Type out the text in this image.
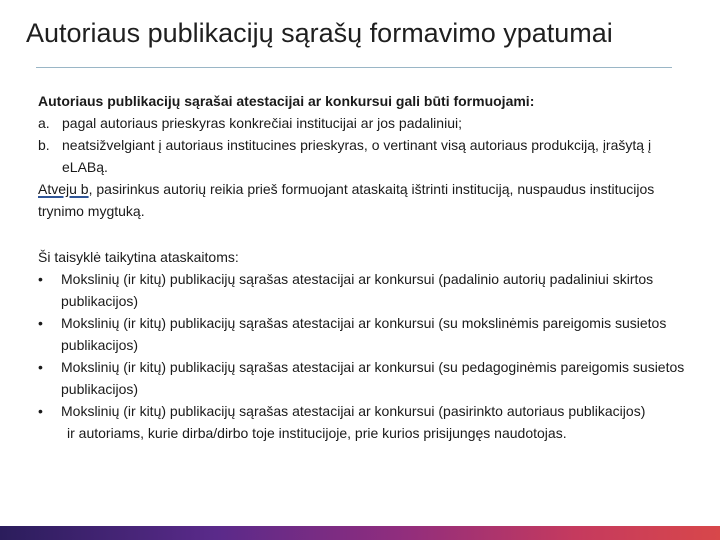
Autoriaus publikacijų sąrašų formavimo ypatumai
Autoriaus publikacijų sąrašai atestacijai ar konkursui gali būti formuojami:
a. pagal autoriaus prieskyras konkrečiai institucijai ar jos padaliniui;
b. neatsižvelgiant į autoriaus institucines prieskyras, o vertinant visą autoriaus produkciją, įrašytą į eLABą.
Atveju b, pasirinkus autorių reikia prieš formuojant ataskaitą ištrinti instituciją, nuspaudus institucijos trynimo mygtuką.
Ši taisyklė taikytina ataskaitoms:
•	Mokslinių (ir kitų) publikacijų sąrašas atestacijai ar konkursui (padalinio autorių padaliniui skirtos publikacijos)
•	Mokslinių (ir kitų) publikacijų sąrašas atestacijai ar konkursui (su mokslinėmis pareigomis susietos publikacijos)
•	Mokslinių (ir kitų) publikacijų sąrašas atestacijai ar konkursui (su pedagoginėmis pareigomis susietos publikacijos)
•	Mokslinių (ir kitų) publikacijų sąrašas atestacijai ar konkursui (pasirinkto autoriaus publikacijos)
ir autoriams, kurie dirba/dirbo toje institucijoje, prie kurios prisijungęs naudotojas.
